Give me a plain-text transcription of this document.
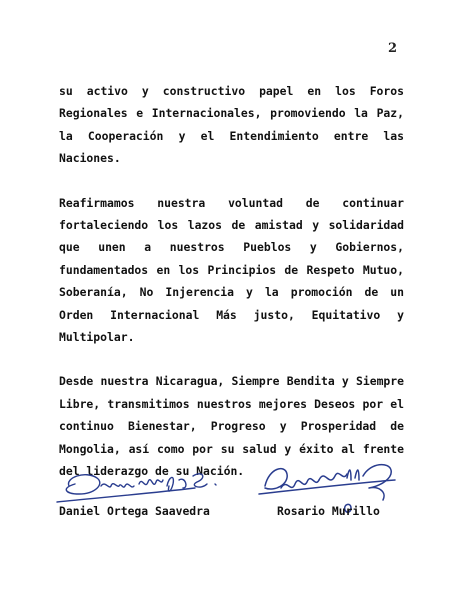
2

su activo y constructivo papel en los Foros Regionales e Internacionales, promoviendo la Paz, la Cooperación y el Entendimiento entre las Naciones.

Reafirmamos nuestra voluntad de continuar fortaleciendo los lazos de amistad y solidaridad que unen a nuestros Pueblos y Gobiernos, fundamentados en los Principios de Respeto Mutuo, Soberanía, No Injerencia y la promoción de un Orden Internacional Más justo, Equitativo y Multipolar.

Desde nuestra Nicaragua, Siempre Bendita y Siempre Libre, transmitimos nuestros mejores Deseos por el continuo Bienestar, Progreso y Prosperidad de Mongolia, así como por su salud y éxito al frente del liderazgo de su Nación.

Daniel Ortega Saavedra	Rosario Murillo
